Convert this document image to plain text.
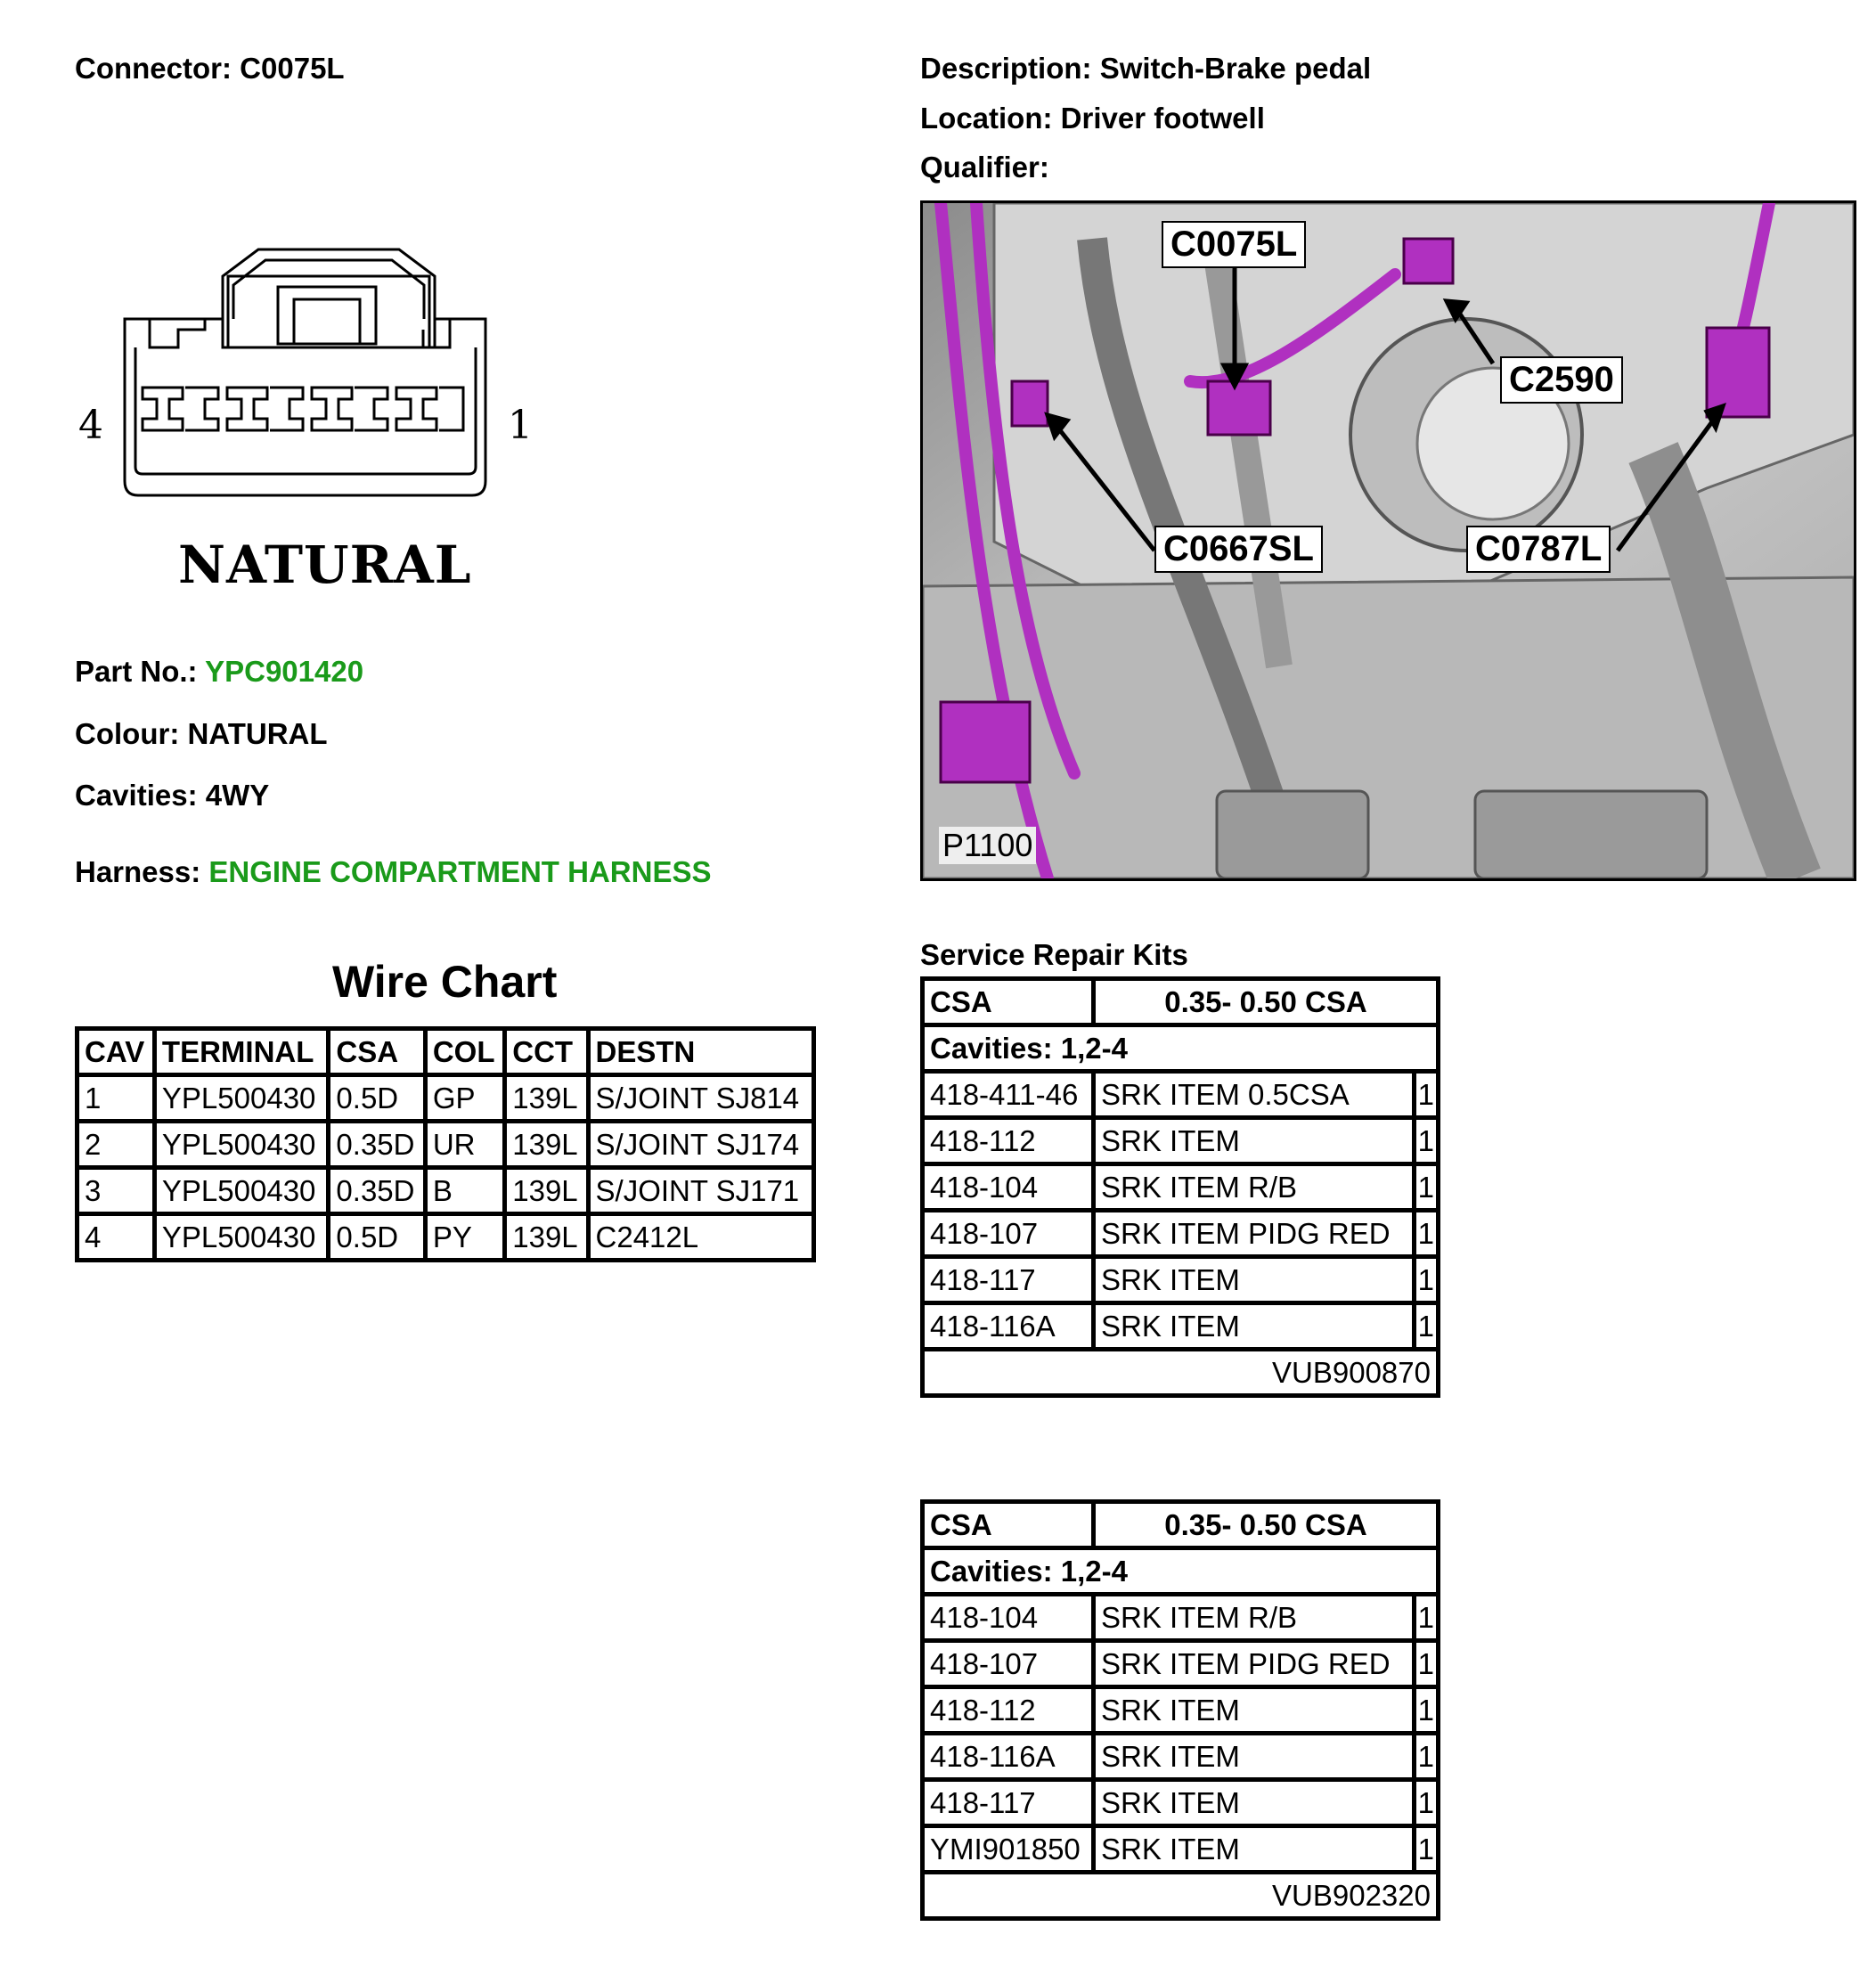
Connector: C0075L	Description: Switch-Brake pedal
Location: Driver footwell
Qualifier:
4	1
NATURAL
Part No.: YPC901420
Colour: NATURAL
Cavities: 4WY
Harness: ENGINE COMPARTMENT HARNESS
Wire Chart
CAV	TERMINAL	CSA	COL	CCT	DESTN
1	YPL500430	0.5D	GP	139L	S/JOINT SJ814
2	YPL500430	0.35D	UR	139L	S/JOINT SJ174
3	YPL500430	0.35D	B	139L	S/JOINT SJ171
4	YPL500430	0.5D	PY	139L	C2412L
C0075L
C2590
C0667SL	C0787L
P1100
Service Repair Kits
CSA	0.35- 0.50 CSA	
Cavities: 1,2-4		
418-411-46	SRK ITEM 0.5CSA	1
418-112	SRK ITEM	1
418-104	SRK ITEM R/B	1
418-107	SRK ITEM PIDG RED	1
418-117	SRK ITEM	1
418-116A	SRK ITEM	1
VUB900870		
CSA	0.35- 0.50 CSA	
Cavities: 1,2-4		
418-104	SRK ITEM R/B	1
418-107	SRK ITEM PIDG RED	1
418-112	SRK ITEM	1
418-116A	SRK ITEM	1
418-117	SRK ITEM	1
YMI901850	SRK ITEM	1
VUB902320		
